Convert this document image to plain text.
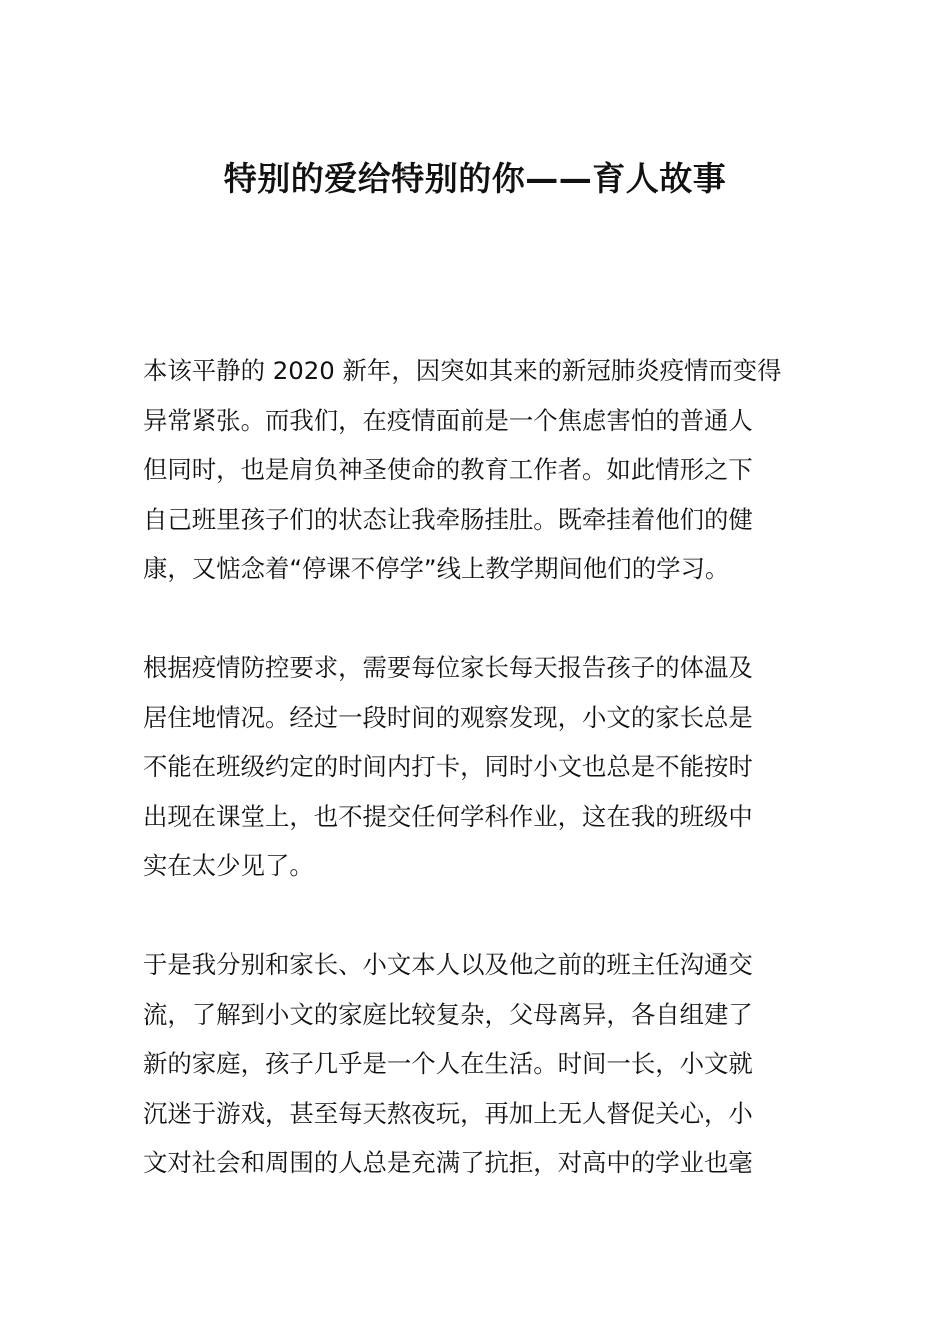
特别的爱给特别的你——育人故事

本该平静的 2020 新年，因突如其来的新冠肺炎疫情而变得
异常紧张。而我们，在疫情面前是一个焦虑害怕的普通人
但同时，也是肩负神圣使命的教育工作者。如此情形之下
自己班里孩子们的状态让我牵肠挂肚。既牵挂着他们的健
康，又惦念着“停课不停学”线上教学期间他们的学习。

根据疫情防控要求，需要每位家长每天报告孩子的体温及
居住地情况。经过一段时间的观察发现，小文的家长总是
不能在班级约定的时间内打卡，同时小文也总是不能按时
出现在课堂上，也不提交任何学科作业，这在我的班级中
实在太少见了。

于是我分别和家长、小文本人以及他之前的班主任沟通交
流，了解到小文的家庭比较复杂，父母离异，各自组建了
新的家庭，孩子几乎是一个人在生活。时间一长，小文就
沉迷于游戏，甚至每天熬夜玩，再加上无人督促关心，小
文对社会和周围的人总是充满了抗拒，对高中的学业也毫
